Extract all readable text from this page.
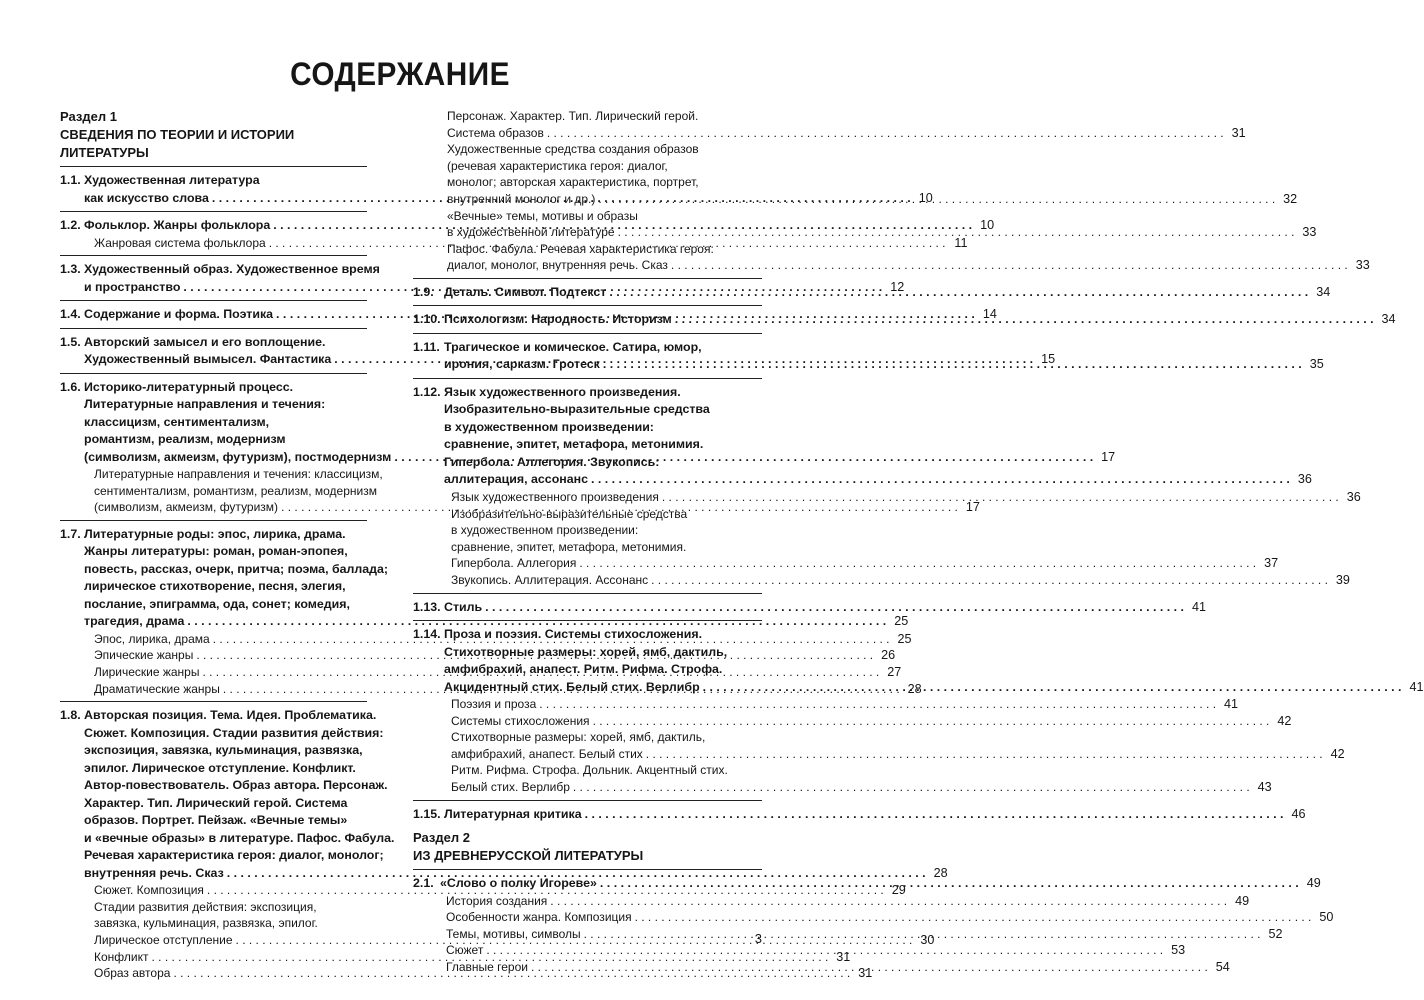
СОДЕРЖАНИЕ
Раздел 1
СВЕДЕНИЯ ПО ТЕОРИИ И ИСТОРИИ ЛИТЕРАТУРЫ
1.1. Художественная литература
как искусство слова . . .	10
1.2. Фольклор. Жанры фольклора . . .	10
Жанровая система фольклора . . .	11
1.3. Художественный образ. Художественное время
и пространство . . .	12
1.4. Содержание и форма. Поэтика . . .	14
1.5. Авторский замысел и его воплощение.
Художественный вымысел. Фантастика . . .	15
1.6. Историко-литературный процесс.
Литературные направления и течения:
классицизм, сентиментализм,
романтизм, реализм, модернизм
(символизм, акмеизм, футуризм), постмодернизм . . .	17
Литературные направления и течения: классицизм,
сентиментализм, романтизм, реализм, модернизм
(символизм, акмеизм, футуризм) . . .	17
1.7. Литературные роды: эпос, лирика, драма.
Жанры литературы: роман, роман-эпопея,
повесть, рассказ, очерк, притча; поэма, баллада;
лирическое стихотворение, песня, элегия,
послание, эпиграмма, ода, сонет; комедия,
трагедия, драма . . .	25
Эпос, лирика, драма . . .	25
Эпические жанры . . .	26
Лирические жанры . . .	27
Драматические жанры . . .	28
1.8. Авторская позиция. Тема. Идея. Проблематика.
Сюжет. Композиция. Стадии развития действия:
экспозиция, завязка, кульминация, развязка,
эпилог. Лирическое отступление. Конфликт.
Автор-повествователь. Образ автора. Персонаж.
Характер. Тип. Лирический герой. Система
образов. Портрет. Пейзаж. «Вечные темы»
и «вечные образы» в литературе. Пафос. Фабула.
Речевая характеристика героя: диалог, монолог;
внутренняя речь. Сказ . . .	28
Сюжет. Композиция . . .	29
Стадии развития действия: экспозиция,
завязка, кульминация, развязка, эпилог.
Лирическое отступление . . .	30
Конфликт . . .	31
Образ автора . . .	31
Персонаж. Характер. Тип. Лирический герой.
Система образов . . .	31
Художественные средства создания образов
(речевая характеристика героя: диалог,
монолог; авторская характеристика, портрет,
внутренний монолог и др.) . . .	32
«Вечные» темы, мотивы и образы
в художественной литературе . . .	33
Пафос. Фабула. Речевая характеристика героя:
диалог, монолог, внутренняя речь. Сказ . . .	33
1.9. Деталь. Символ. Подтекст . . .	34
1.10. Психологизм. Народность. Историзм . . .	34
1.11. Трагическое и комическое. Сатира, юмор,
ирония, сарказм. Гротеск . . .	35
1.12. Язык художественного произведения.
Изобразительно-выразительные средства
в художественном произведении:
сравнение, эпитет, метафора, метонимия.
Гипербола. Аллегория. Звукопись:
аллитерация, ассонанс . . .	36
Язык художественного произведения . . .	36
Изобразительно-выразительные средства
в художественном произведении:
сравнение, эпитет, метафора, метонимия.
Гипербола. Аллегория . . .	37
Звукопись. Аллитерация. Ассонанс . . .	39
1.13. Стиль . . .	41
1.14. Проза и поэзия. Системы стихосложения.
Стихотворные размеры: хорей, ямб, дактиль,
амфибрахий, анапест. Ритм. Рифма. Строфа.
Акцидентный стих. Белый стих. Верлибр . . .	41
Поэзия и проза . . .	41
Системы стихосложения . . .	42
Стихотворные размеры: хорей, ямб, дактиль,
амфибрахий, анапест. Белый стих . . .	42
Ритм. Рифма. Строфа. Дольник. Акцентный стих.
Белый стих. Верлибр . . .	43
1.15. Литературная критика . . .	46
Раздел 2
ИЗ ДРЕВНЕРУССКОЙ ЛИТЕРАТУРЫ
2.1. «Слово о полку Игореве» . . .	49
История создания . . .	49
Особенности жанра. Композиция . . .	50
Темы, мотивы, символы . . .	52
Сюжет . . .	53
Главные герои . . .	54
3
